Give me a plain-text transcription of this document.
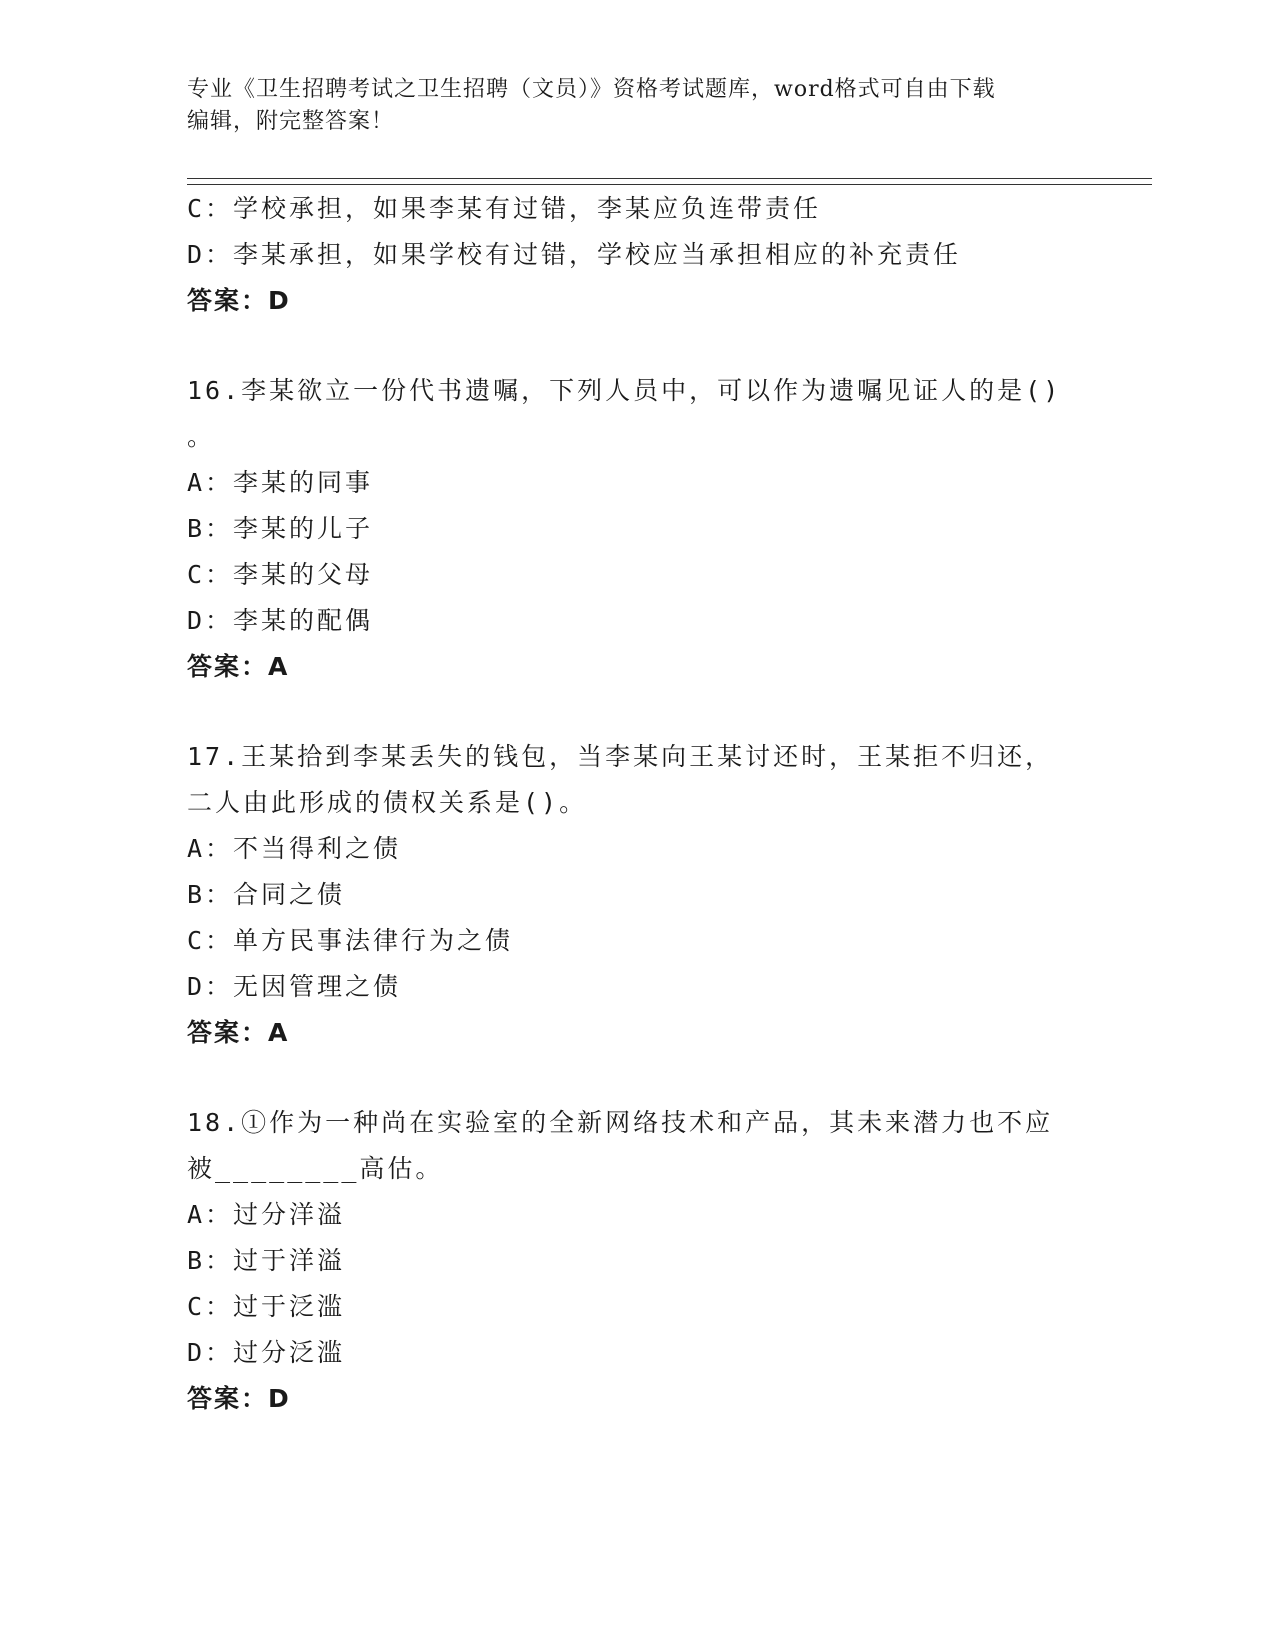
专业《卫生招聘考试之卫生招聘（文员）》资格考试题库，word格式可自由下载
编辑，附完整答案！
C：学校承担，如果李某有过错，李某应负连带责任
D：李某承担，如果学校有过错，学校应当承担相应的补充责任
答案：D
16.李某欲立一份代书遗嘱，下列人员中，可以作为遗嘱见证人的是()
。
A：李某的同事
B：李某的儿子
C：李某的父母
D：李某的配偶
答案：A
17.王某拾到李某丢失的钱包，当李某向王某讨还时，王某拒不归还，
二人由此形成的债权关系是()。
A：不当得利之债
B：合同之债
C：单方民事法律行为之债
D：无因管理之债
答案：A
18.①作为一种尚在实验室的全新网络技术和产品，其未来潜力也不应
被________高估。
A：过分洋溢
B：过于洋溢
C：过于泛滥
D：过分泛滥
答案：D
